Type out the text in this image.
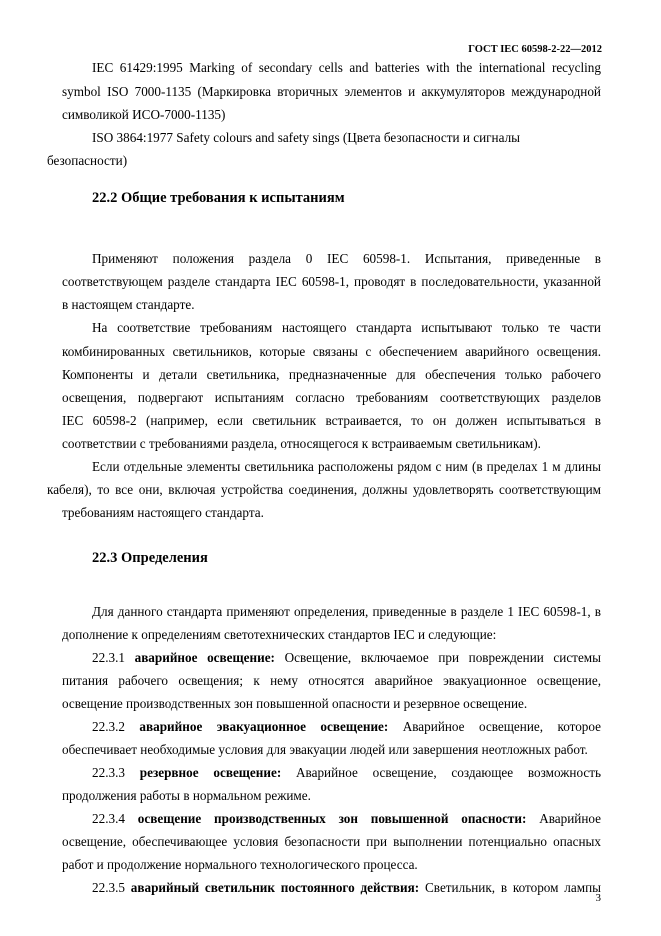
ГОСТ IEC 60598-2-22—2012
IEC 61429:1995 Marking of secondary cells and batteries with the international recycling
symbol ISO 7000-1135 (Маркировка вторичных элементов и аккумуляторов международной
символикой ИСО-7000-1135)
ISO 3864:1977 Safety colours and safety sings (Цвета безопасности и сигналы
безопасности)
22.2 Общие требования к испытаниям
Применяют положения раздела 0 IEC 60598-1. Испытания, приведенные в
соответствующем разделе стандарта IEC 60598-1, проводят в последовательности, указанной
в настоящем стандарте.
На соответствие требованиям настоящего стандарта испытывают только те части
комбинированных светильников, которые связаны с обеспечением аварийного освещения.
Компоненты и детали светильника, предназначенные для обеспечения только рабочего
освещения, подвергают испытаниям согласно требованиям соответствующих разделов
IEC 60598-2 (например, если светильник встраивается, то он должен испытываться в
соответствии с требованиями раздела, относящегося к встраиваемым светильникам).
Если отдельные элементы светильника расположены рядом с ним (в пределах 1 м длины
кабеля), то все они, включая устройства соединения, должны удовлетворять соответствующим
требованиям настоящего стандарта.
22.3 Определения
Для данного стандарта применяют определения, приведенные в разделе 1 IEC 60598-1, в
дополнение к определениям светотехнических стандартов IEC и следующие:
22.3.1 аварийное освещение: Освещение, включаемое при повреждении системы
питания рабочего освещения; к нему относятся аварийное эвакуационное освещение,
освещение производственных зон повышенной опасности и резервное освещение.
22.3.2 аварийное эвакуационное освещение: Аварийное освещение, которое
обеспечивает необходимые условия для эвакуации людей или завершения неотложных работ.
22.3.3 резервное освещение: Аварийное освещение, создающее возможность
продолжения работы в нормальном режиме.
22.3.4 освещение производственных зон повышенной опасности: Аварийное
освещение, обеспечивающее условия безопасности при выполнении потенциально опасных
работ и продолжение нормального технологического процесса.
22.3.5 аварийный светильник постоянного действия: Светильник, в котором лампы
3
